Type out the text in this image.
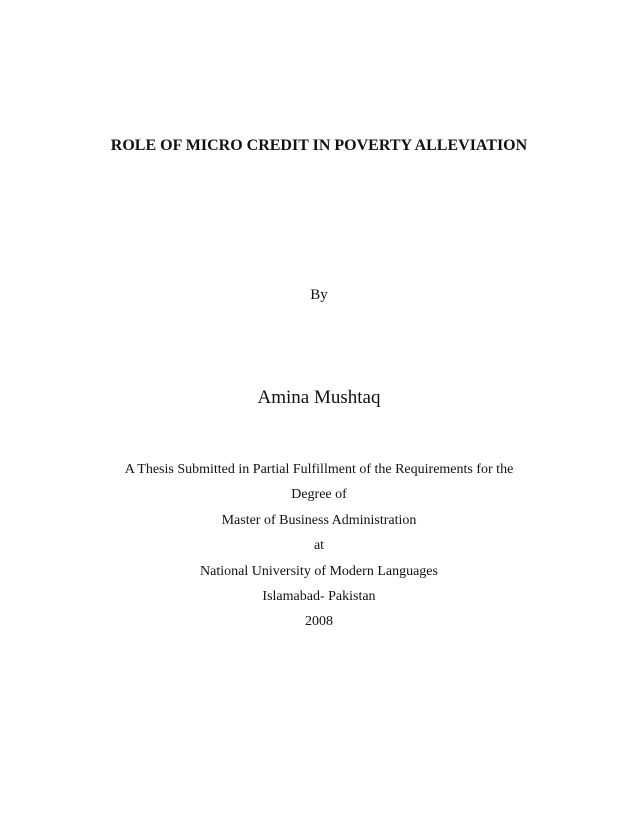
ROLE OF MICRO CREDIT IN POVERTY ALLEVIATION
By
Amina Mushtaq
A Thesis Submitted in Partial Fulfillment of the Requirements for the
Degree of
Master of Business Administration
at
National University of Modern Languages
Islamabad- Pakistan
2008
